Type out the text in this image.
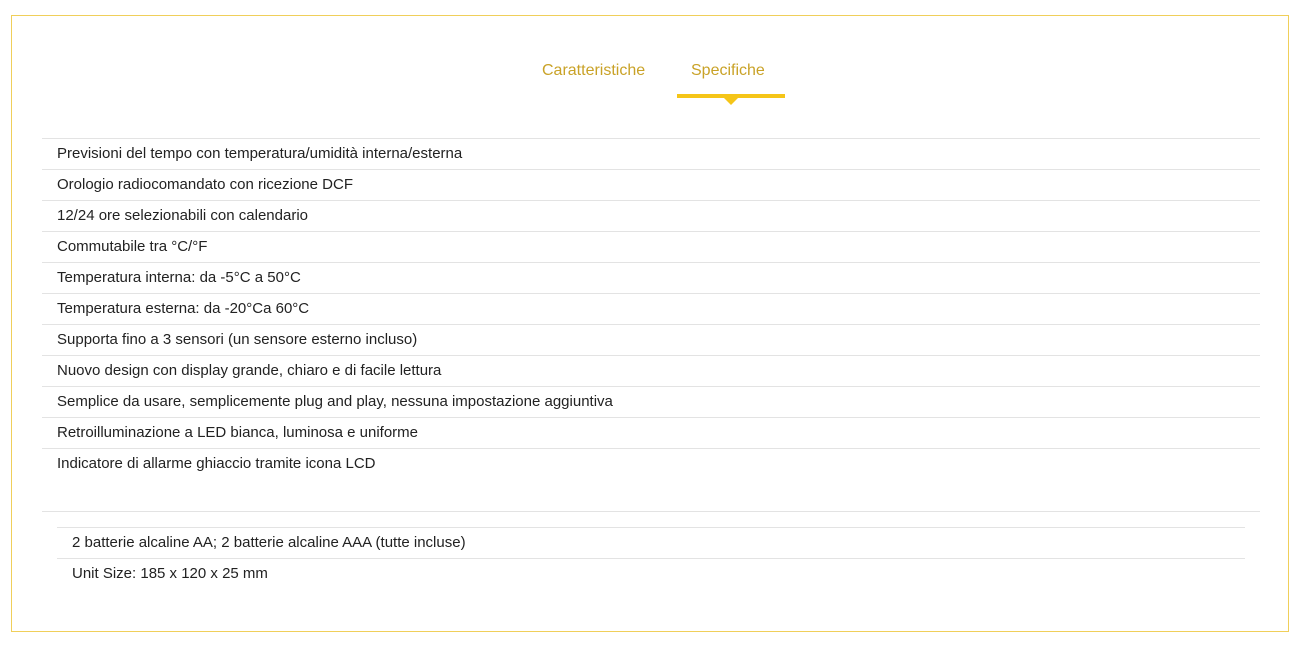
Caratteristiche	Specifiche
Previsioni del tempo con temperatura/umidità interna/esterna
Orologio radiocomandato con ricezione DCF
12/24 ore selezionabili con calendario
Commutabile tra °C/°F
Temperatura interna: da -5°C a 50°C
Temperatura esterna: da -20°Ca 60°C
Supporta fino a 3 sensori (un sensore esterno incluso)
Nuovo design con display grande, chiaro e di facile lettura
Semplice da usare, semplicemente plug and play, nessuna impostazione aggiuntiva
Retroilluminazione a LED bianca, luminosa e uniforme
Indicatore di allarme ghiaccio tramite icona LCD
2 batterie alcaline AA; 2 batterie alcaline AAA (tutte incluse)
Unit Size: 185 x 120 x 25 mm
